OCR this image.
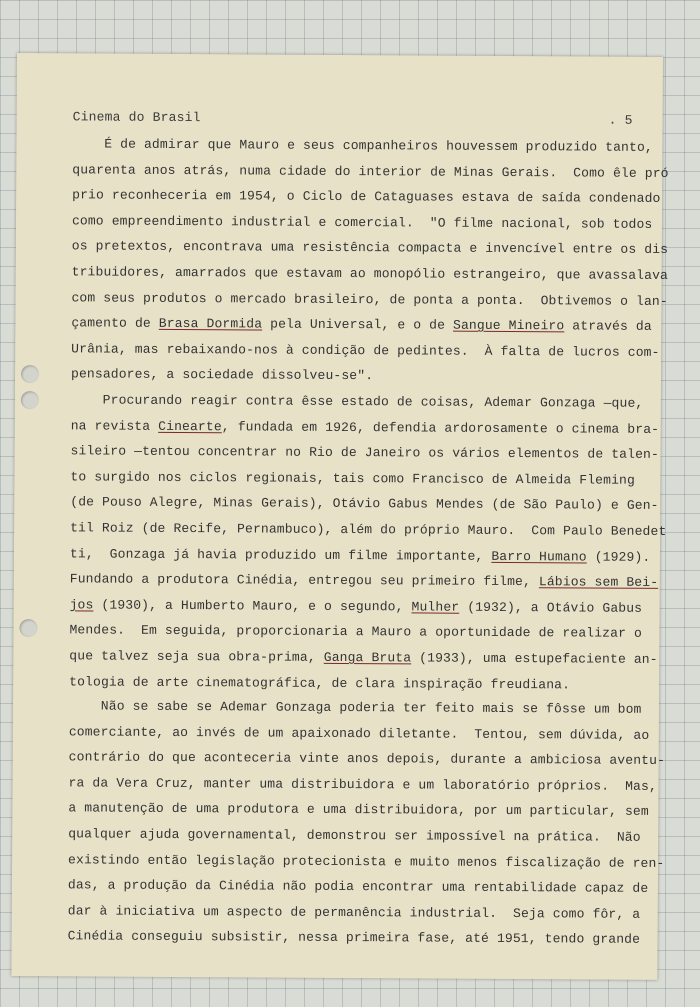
Cinema do Brasil	. 5
É de admirar que Mauro e seus companheiros houvessem produzido tanto,
quarenta anos atrás, numa cidade do interior de Minas Gerais.  Como êle pró
prio reconheceria em 1954, o Ciclo de Cataguases estava de saída condenado
como empreendimento industrial e comercial.  "O filme nacional, sob todos
os pretextos, encontrava uma resistência compacta e invencível entre os dis
tribuidores, amarrados que estavam ao monopólio estrangeiro, que avassalava
com seus produtos o mercado brasileiro, de ponta a ponta.  Obtivemos o lan-
çamento de Brasa Dormida pela Universal, e o de Sangue Mineiro através da
Urânia, mas rebaixando-nos à condição de pedintes.  À falta de lucros com-
pensadores, a sociedade dissolveu-se".
Procurando reagir contra êsse estado de coisas, Ademar Gonzaga —que,
na revista Cinearte, fundada em 1926, defendia ardorosamente o cinema bra-
sileiro —tentou concentrar no Rio de Janeiro os vários elementos de talen-
to surgido nos ciclos regionais, tais como Francisco de Almeida Fleming
(de Pouso Alegre, Minas Gerais), Otávio Gabus Mendes (de São Paulo) e Gen-
til Roiz (de Recife, Pernambuco), além do próprio Mauro.  Com Paulo Benedet
ti,  Gonzaga já havia produzido um filme importante, Barro Humano (1929).
Fundando a produtora Cinédia, entregou seu primeiro filme, Lábios sem Bei-
jos (1930), a Humberto Mauro, e o segundo, Mulher (1932), a Otávio Gabus
Mendes.  Em seguida, proporcionaria a Mauro a oportunidade de realizar o
que talvez seja sua obra-prima, Ganga Bruta (1933), uma estupefaciente an-
tologia de arte cinematográfica, de clara inspiração freudiana.
Não se sabe se Ademar Gonzaga poderia ter feito mais se fôsse um bom
comerciante, ao invés de um apaixonado diletante.  Tentou, sem dúvida, ao
contrário do que aconteceria vinte anos depois, durante a ambiciosa aventu-
ra da Vera Cruz, manter uma distribuidora e um laboratório próprios.  Mas,
a manutenção de uma produtora e uma distribuidora, por um particular, sem
qualquer ajuda governamental, demonstrou ser impossível na prática.  Não
existindo então legislação protecionista e muito menos fiscalização de ren-
das, a produção da Cinédia não podia encontrar uma rentabilidade capaz de
dar à iniciativa um aspecto de permanência industrial.  Seja como fôr, a
Cinédia conseguiu subsistir, nessa primeira fase, até 1951, tendo grande
